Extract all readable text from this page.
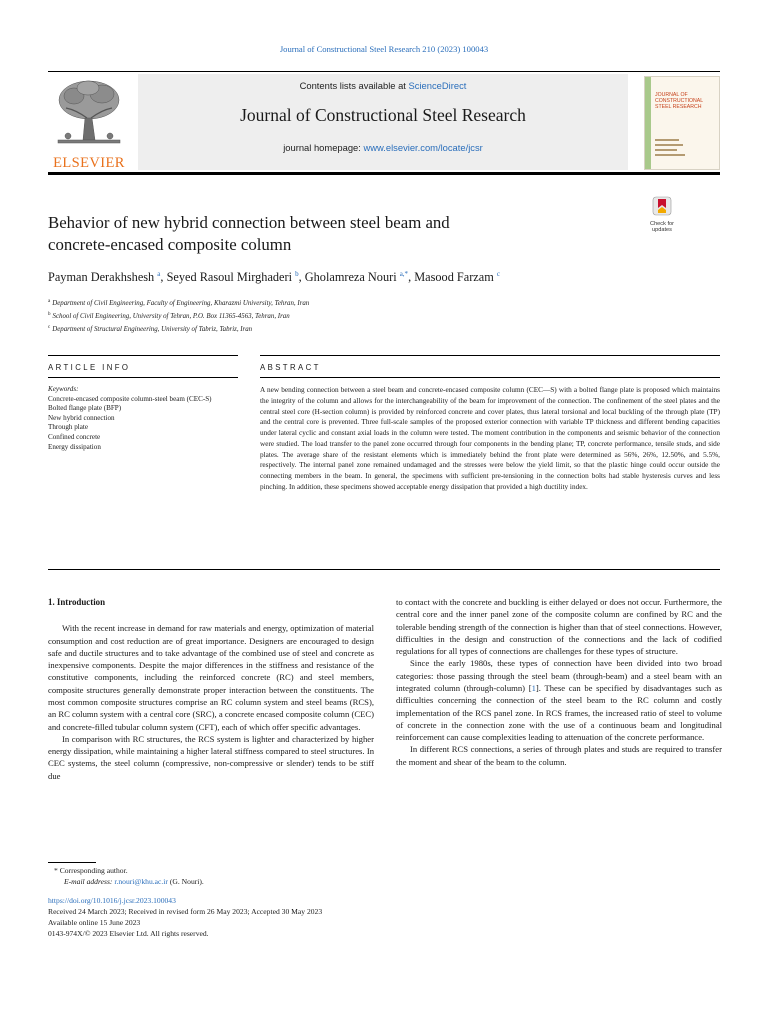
Journal of Constructional Steel Research 210 (2023) 100043
ELSEVIER
Contents lists available at ScienceDirect
Journal of Constructional Steel Research
journal homepage: www.elsevier.com/locate/jcsr
JOURNAL OF CONSTRUCTIONAL STEEL RESEARCH
Behavior of new hybrid connection between steel beam and
concrete-encased composite column
Check for
updates
Payman Derakhshesh $^a$, Seyed Rasoul Mirghaderi $^b$, Gholamreza Nouri $^{a,*}$, Masood Farzam $^c$
$^a$ Department of Civil Engineering, Faculty of Engineering, Kharazmi University, Tehran, Iran
$^b$ School of Civil Engineering, University of Tehran, P.O. Box 11365-4563, Tehran, Iran
$^c$ Department of Structural Engineering, University of Tabriz, Tabriz, Iran
ARTICLE INFO	ABSTRACT
Keywords:
Concrete-encased composite column-steel beam (CEC-S)
Bolted flange plate (BFP)
New hybrid connection
Through plate
Confined concrete
Energy dissipation
A new bending connection between a steel beam and concrete-encased composite column (CEC—S) with a bolted flange plate is proposed which maintains the integrity of the column and allows for the interchangeability of the beam for improvement of the connection. The confinement of the steel plates and the central steel core (H-section column) is provided by reinforced concrete and cover plates, thus lateral torsional and local buckling of the through plate (TP) and the central core is prevented. Three full-scale samples of the proposed exterior connection with variable TP thickness and different bending capacities under lateral cyclic and constant axial loads in the column were tested. The moment contribution in the components and seismic behavior of the connection were studied. The load transfer to the panel zone occurred through four components in the bending plane; TP, concrete performance, tensile studs, and side plates. The average share of the resistant elements which is immediately behind the front plate were determined as 56%, 26%, 12.50%, and 5.5%, respectively. The internal panel zone remained undamaged and the stresses were below the yield limit, so that the plastic hinge could occur outside the connecting members in the beam. In general, the specimens with sufficient pre-tensioning in the connection bolts had stable hysteresis curves and less pinching. In addition, these specimens showed acceptable energy dissipation that provided a high ductility index.
1. Introduction

With the recent increase in demand for raw materials and energy, optimization of material consumption and cost reduction are of great importance. Designers are encouraged to design safe and ductile structures and to take advantage of the combined use of steel and concrete as inexpensive components. Despite the major differences in the stiffness and resistance of the constitutive components, including the reinforced concrete (RC) and steel members, composite structures generally demonstrate proper interaction between the constituents. The most common composite structures comprise an RC column system and steel beams (RCS), an RC column system with a central core (SRC), a concrete encased composite column (CEC) and concrete-filled tubular column system (CFT), each of which offer specific advantages.

In comparison with RC structures, the RCS system is lighter and characterized by higher energy dissipation, while maintaining a higher lateral stiffness compared to steel structures. In CEC systems, the steel column (compressive, non-compressive or slender) tends to be stiff due

to contact with the concrete and buckling is either delayed or does not occur. Furthermore, the central core and the inner panel zone of the composite column are confined by RC and the tolerable bending strength of the connection is higher than that of steel connections. However, difficulties in the design and construction of the connections and the lack of codified regulations for all types of connections are challenges for these types of structure.

Since the early 1980s, these types of connection have been divided into two broad categories: those passing through the steel beam (through-beam) and a steel beam with an integrated column (through-column) [1]. These can be specified by disadvantages such as difficulties concerning the connection of the steel beam to the RC column and costly implementation of the RCS panel zone. In RCS frames, the increased ratio of steel to volume of concrete in the connection zone with the use of a continuous beam and longitudinal reinforcement can cause complexities leading to attenuation of the concrete performance.

In different RCS connections, a series of through plates and studs are required to transfer the moment and shear of the beam to the column.

* Corresponding author.
E-mail address: r.nouri@khu.ac.ir (G. Nouri).
https://doi.org/10.1016/j.jcsr.2023.100043
Received 24 March 2023; Received in revised form 26 May 2023; Accepted 30 May 2023
Available online 15 June 2023
0143-974X/© 2023 Elsevier Ltd. All rights reserved.
